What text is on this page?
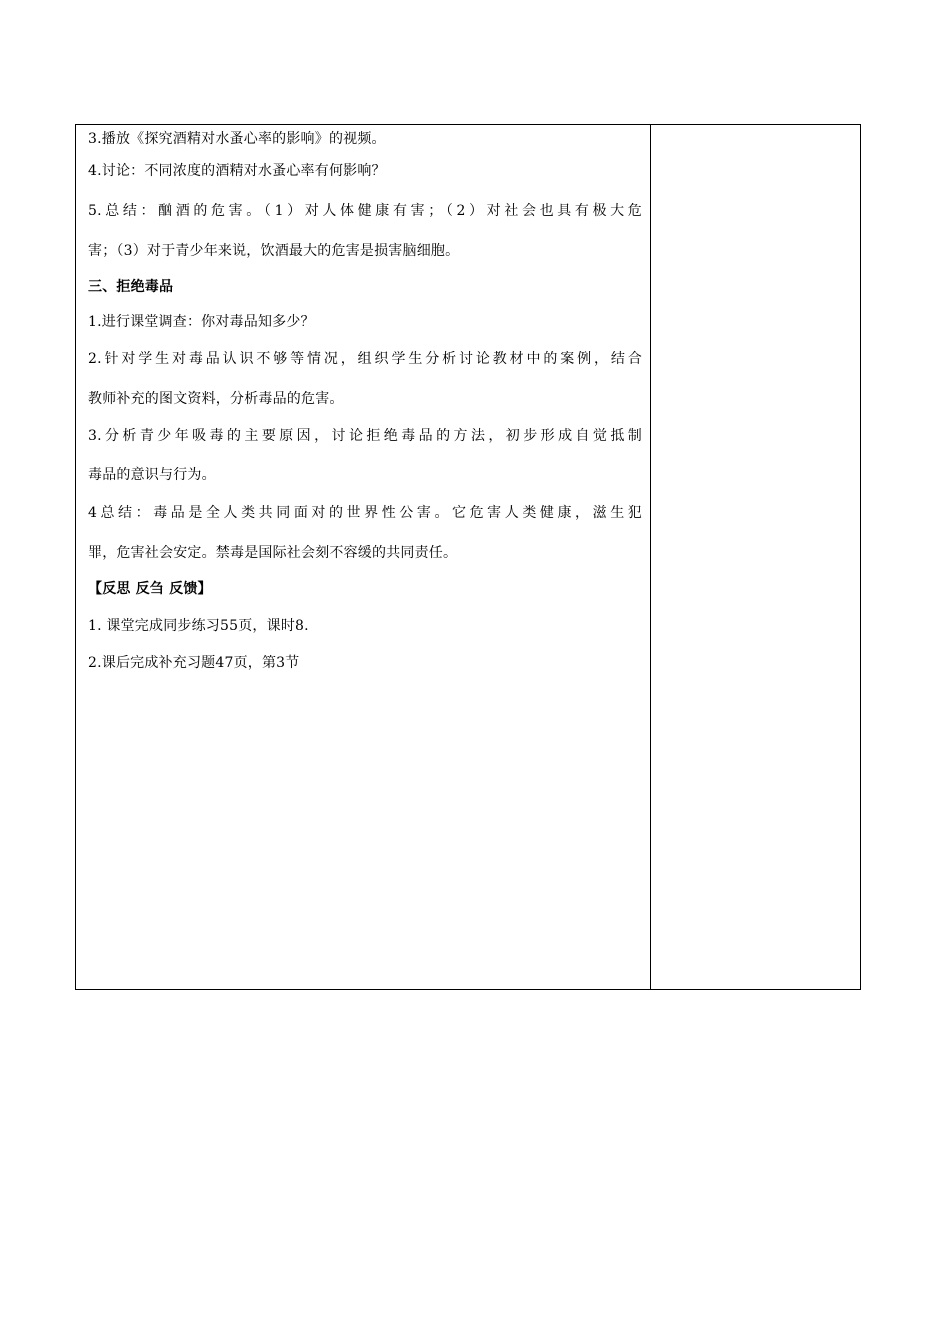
3.播放《探究酒精对水蚤心率的影响》的视频。
4.讨论：不同浓度的酒精对水蚤心率有何影响？
5.总结：酗酒的危害。（1）对人体健康有害；（2）对社会也具有极大危
害；（3）对于青少年来说，饮酒最大的危害是损害脑细胞。
三、拒绝毒品
1.进行课堂调查：你对毒品知多少？
2.针对学生对毒品认识不够等情况，组织学生分析讨论教材中的案例，结合
教师补充的图文资料，分析毒品的危害。
3.分析青少年吸毒的主要原因，讨论拒绝毒品的方法，初步形成自觉抵制
毒品的意识与行为。
4总结：毒品是全人类共同面对的世界性公害。它危害人类健康，滋生犯
罪，危害社会安定。禁毒是国际社会刻不容缓的共同责任。
【反思 反刍 反馈】
1. 课堂完成同步练习55页，课时8.
2.课后完成补充习题47页，第3节
